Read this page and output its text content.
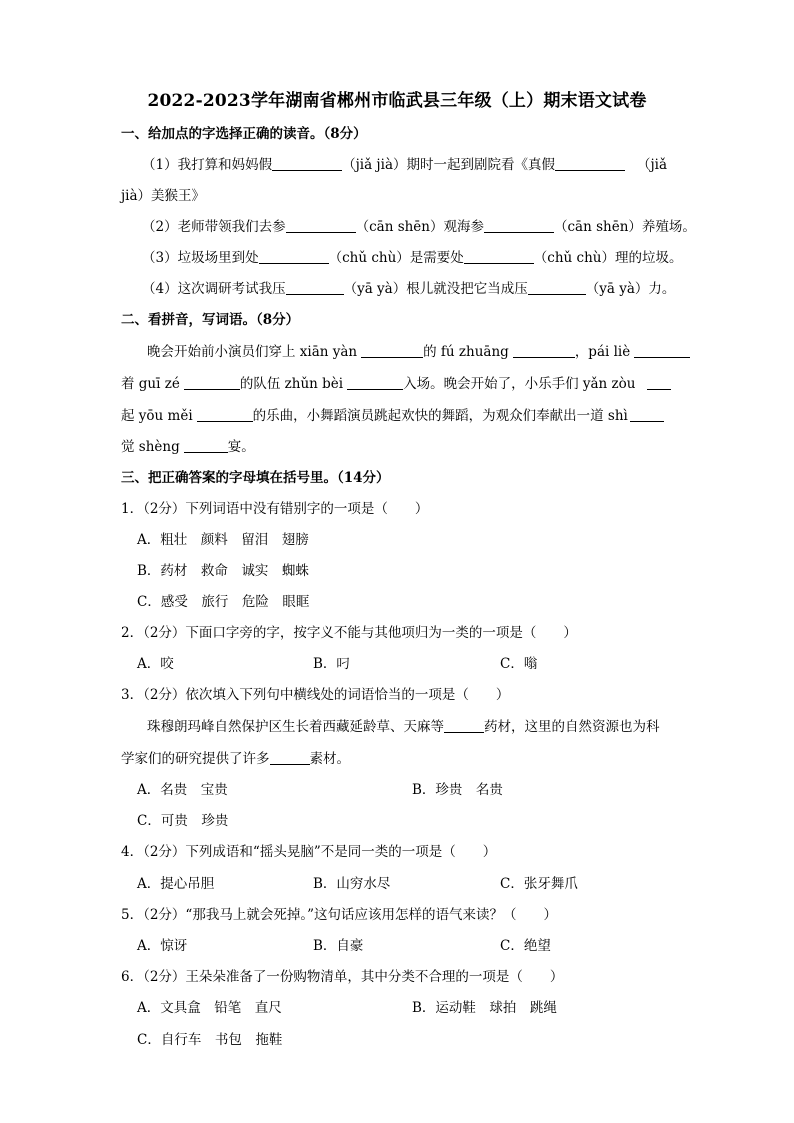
2022-2023学年湖南省郴州市临武县三年级（上）期末语文试卷
一、给加点的字选择正确的读音。（8分）
（1）我打算和妈妈假	（jiǎ jià）期时一起到剧院看《真假	（jiǎ
jià）美猴王》
（2）老师带领我们去参	（cān shēn）观海参	（cān shēn）养殖场。
（3）垃圾场里到处	（chǔ chù）是需要处	（chǔ chù）理的垃圾。
（4）这次调研考试我压	（yā yà）根儿就没把它当成压	（yā yà）力。
二、看拼音，写词语。（8分）
晚会开始前小演员们穿上 xiān yàn	的 fú zhuāng	，pái liè
着 guī zé	的队伍 zhǔn bèi	入场。晚会开始了，小乐手们 yǎn zòu
起 yōu měi	的乐曲，小舞蹈演员跳起欢快的舞蹈，为观众们奉献出一道 shì
觉 shèng	宴。
三、把正确答案的字母填在括号里。（14分）
1．（2分）下列词语中没有错别字的一项是（　　）
A．粗壮　颜料　留泪　翅膀
B．药材　救命　诚实　蜘蛛
C．感受　旅行　危险　眼眶
2．（2分）下面口字旁的字，按字义不能与其他项归为一类的一项是（　　）
A．咬	B．叼	C．嗡
3．（2分）依次填入下列句中横线处的词语恰当的一项是（　　）
珠穆朗玛峰自然保护区生长着西藏延龄草、天麻等	药材，这里的自然资源也为科
学家们的研究提供了许多	素材。
A．名贵　宝贵	B．珍贵　名贵
C．可贵　珍贵
4．（2分）下列成语和“摇头晃脑”不是同一类的一项是（　　）
A．提心吊胆	B．山穷水尽	C．张牙舞爪
5．（2分）“那我马上就会死掉。”这句话应该用怎样的语气来读？（　　）
A．惊讶	B．自豪	C．绝望
6．（2分）王朵朵准备了一份购物清单，其中分类不合理的一项是（　　）
A．文具盒　铅笔　直尺	B．运动鞋　球拍　跳绳
C．自行车　书包　拖鞋
